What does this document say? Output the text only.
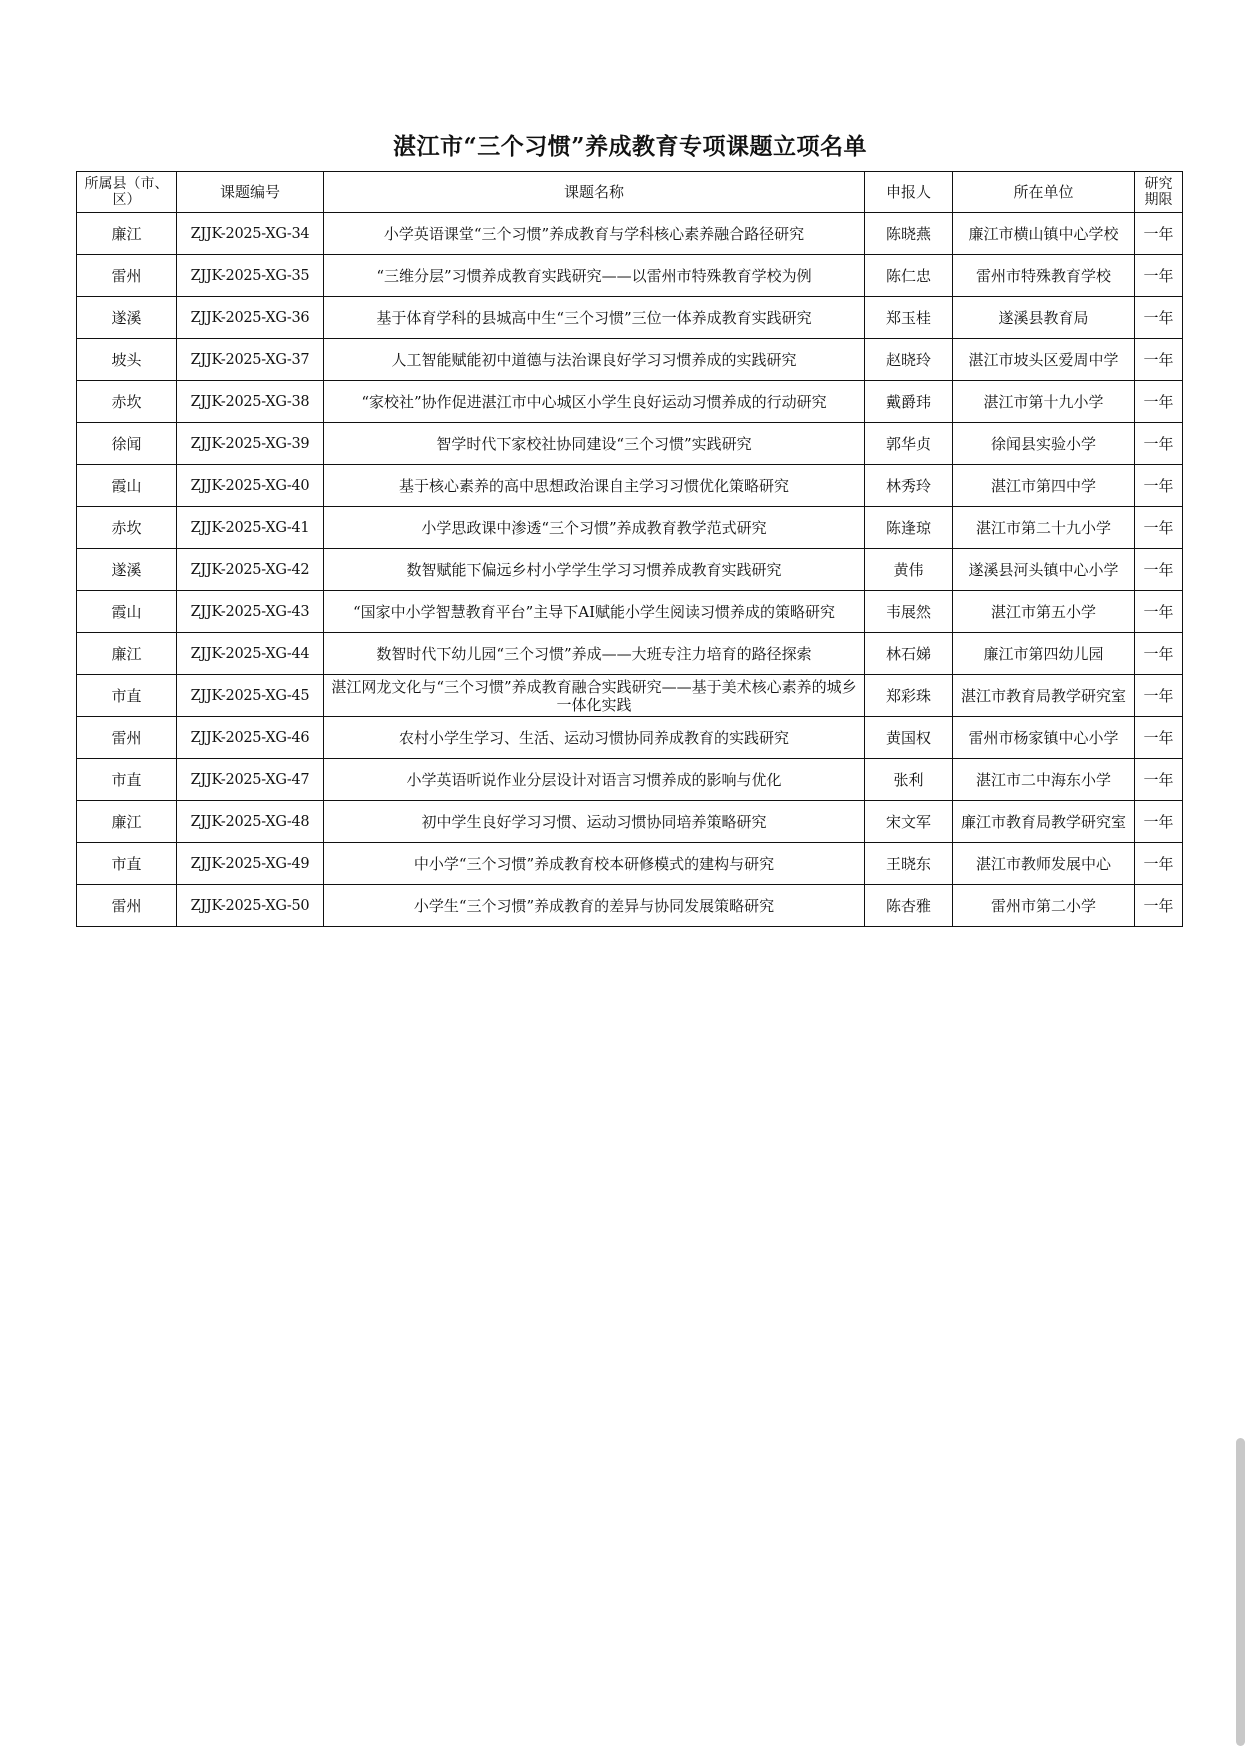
湛江市“三个习惯”养成教育专项课题立项名单
所属县（市、区）	课题编号	课题名称	申报人	所在单位	研究期限
廉江	ZJJK-2025-XG-34	小学英语课堂“三个习惯”养成教育与学科核心素养融合路径研究	陈晓燕	廉江市横山镇中心学校	一年
雷州	ZJJK-2025-XG-35	“三维分层”习惯养成教育实践研究——以雷州市特殊教育学校为例	陈仁忠	雷州市特殊教育学校	一年
遂溪	ZJJK-2025-XG-36	基于体育学科的县城高中生“三个习惯”三位一体养成教育实践研究	郑玉桂	遂溪县教育局	一年
坡头	ZJJK-2025-XG-37	人工智能赋能初中道德与法治课良好学习习惯养成的实践研究	赵晓玲	湛江市坡头区爱周中学	一年
赤坎	ZJJK-2025-XG-38	“家校社”协作促进湛江市中心城区小学生良好运动习惯养成的行动研究	戴爵玮	湛江市第十九小学	一年
徐闻	ZJJK-2025-XG-39	智学时代下家校社协同建设“三个习惯”实践研究	郭华贞	徐闻县实验小学	一年
霞山	ZJJK-2025-XG-40	基于核心素养的高中思想政治课自主学习习惯优化策略研究	林秀玲	湛江市第四中学	一年
赤坎	ZJJK-2025-XG-41	小学思政课中渗透“三个习惯”养成教育教学范式研究	陈逢琼	湛江市第二十九小学	一年
遂溪	ZJJK-2025-XG-42	数智赋能下偏远乡村小学学生学习习惯养成教育实践研究	黄伟	遂溪县河头镇中心小学	一年
霞山	ZJJK-2025-XG-43	“国家中小学智慧教育平台”主导下AI赋能小学生阅读习惯养成的策略研究	韦展然	湛江市第五小学	一年
廉江	ZJJK-2025-XG-44	数智时代下幼儿园“三个习惯”养成——大班专注力培育的路径探索	林石娣	廉江市第四幼儿园	一年
市直	ZJJK-2025-XG-45	湛江网龙文化与“三个习惯”养成教育融合实践研究——基于美术核心素养的城乡一体化实践	郑彩珠	湛江市教育局教学研究室	一年
雷州	ZJJK-2025-XG-46	农村小学生学习、生活、运动习惯协同养成教育的实践研究	黄国权	雷州市杨家镇中心小学	一年
市直	ZJJK-2025-XG-47	小学英语听说作业分层设计对语言习惯养成的影响与优化	张利	湛江市二中海东小学	一年
廉江	ZJJK-2025-XG-48	初中学生良好学习习惯、运动习惯协同培养策略研究	宋文军	廉江市教育局教学研究室	一年
市直	ZJJK-2025-XG-49	中小学“三个习惯”养成教育校本研修模式的建构与研究	王晓东	湛江市教师发展中心	一年
雷州	ZJJK-2025-XG-50	小学生“三个习惯”养成教育的差异与协同发展策略研究	陈杏雅	雷州市第二小学	一年
